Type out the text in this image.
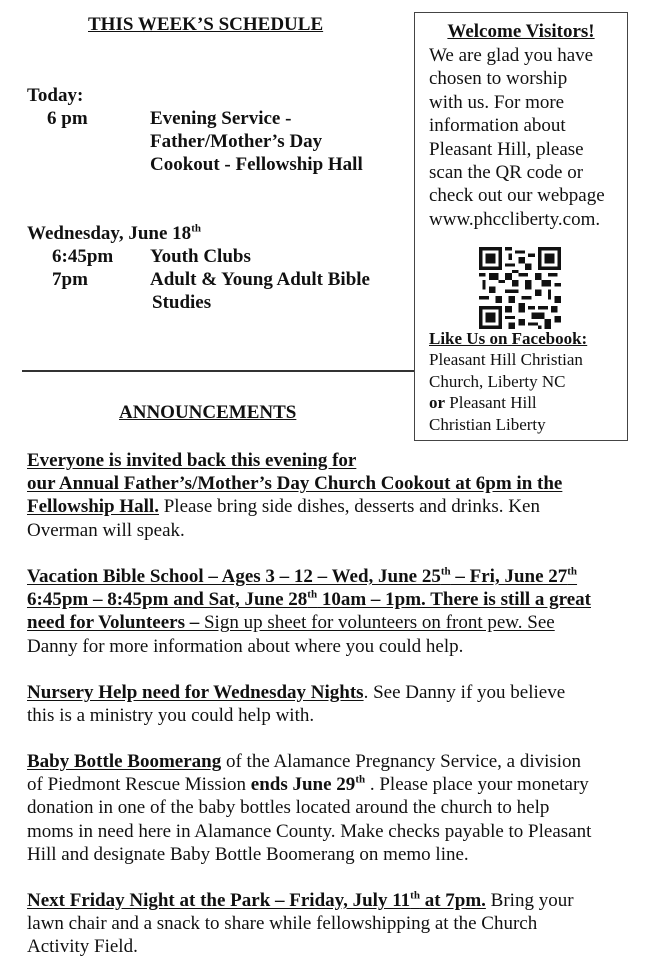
THIS WEEK’S SCHEDULE
Today:
6 pm	Evening Service -
Father/Mother’s Day
Cookout - Fellowship Hall
Wednesday, June 18th
6:45pm Youth Clubs
7pm	Adult & Young Adult Bible
Studies
ANNOUNCEMENTS
Welcome Visitors!
We are glad you have
chosen to worship
with us. For more
information about
Pleasant Hill, please
scan the QR code or
check out our webpage
www.phccliberty.com.
Like Us on Facebook:
Pleasant Hill Christian
Church, Liberty NC
or Pleasant Hill
Christian Liberty
Everyone is invited back this evening for
our Annual Father’s/Mother’s Day Church Cookout at 6pm in the
Fellowship Hall. Please bring side dishes, desserts and drinks. Ken
Overman will speak.
Vacation Bible School – Ages 3 – 12 – Wed, June 25th – Fri, June 27th
6:45pm – 8:45pm and Sat, June 28th 10am – 1pm. There is still a great
need for Volunteers – Sign up sheet for volunteers on front pew. See
Danny for more information about where you could help.
Nursery Help need for Wednesday Nights. See Danny if you believe
this is a ministry you could help with.
Baby Bottle Boomerang of the Alamance Pregnancy Service, a division
of Piedmont Rescue Mission ends June 29th . Please place your monetary
donation in one of the baby bottles located around the church to help
moms in need here in Alamance County. Make checks payable to Pleasant
Hill and designate Baby Bottle Boomerang on memo line.
Next Friday Night at the Park – Friday, July 11th at 7pm. Bring your
lawn chair and a snack to share while fellowshipping at the Church
Activity Field.
